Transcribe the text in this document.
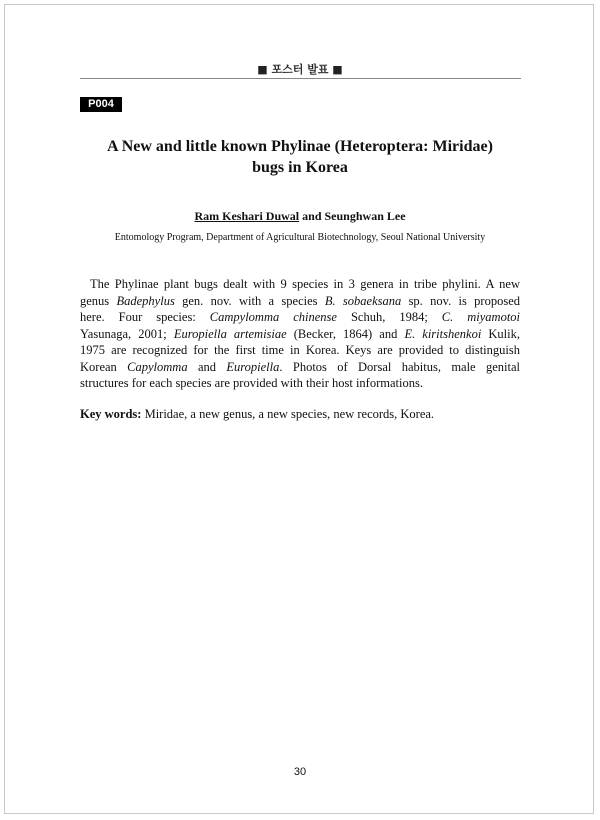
■ 포스터 발표 ■
P004
A New and little known Phylinae (Heteroptera: Miridae)
bugs in Korea
Ram Keshari Duwal and Seunghwan Lee
Entomology Program, Department of Agricultural Biotechnology, Seoul National University
The Phylinae plant bugs dealt with 9 species in 3 genera in tribe phylini. A new
genus Badephylus gen. nov. with a species B. sobaeksana sp. nov. is proposed
here. Four species: Campylomma chinense Schuh, 1984; C. miyamotoi
Yasunaga, 2001; Europiella artemisiae (Becker, 1864) and E. kiritshenkoi Kulik,
1975 are recognized for the first time in Korea. Keys are provided to distinguish
Korean Capylomma and Europiella. Photos of Dorsal habitus, male genital
structures for each species are provided with their host informations.
Key words: Miridae, a new genus, a new species, new records, Korea.
30
